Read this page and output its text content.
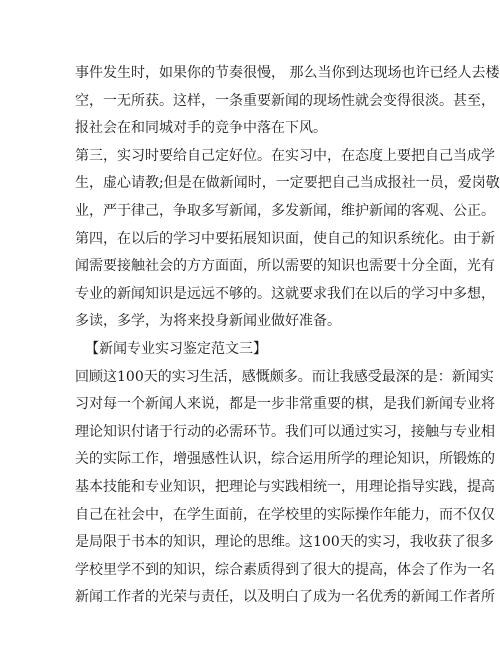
事件发生时，如果你的节奏很慢， 那么当你到达现场也许已经人去楼
空，一无所获。这样，一条重要新闻的现场性就会变得很淡。甚至，
报社会在和同城对手的竞争中落在下风。
第三，实习时要给自己定好位。在实习中，在态度上要把自己当成学
生，虚心请教;但是在做新闻时，一定要把自己当成报社一员，爱岗敬
业，严于律己，争取多写新闻，多发新闻，维护新闻的客观、公正。
第四，在以后的学习中要拓展知识面，使自己的知识系统化。由于新
闻需要接触社会的方方面面，所以需要的知识也需要十分全面，光有
专业的新闻知识是远远不够的。这就要求我们在以后的学习中多想，
多读，多学，为将来投身新闻业做好准备。
【新闻专业实习鉴定范文三】
回顾这100天的实习生活，感慨颇多。而让我感受最深的是：新闻实
习对每一个新闻人来说，都是一步非常重要的棋，是我们新闻专业将
理论知识付诸于行动的必需环节。我们可以通过实习，接触与专业相
关的实际工作，增强感性认识，综合运用所学的理论知识，所锻炼的
基本技能和专业知识，把理论与实践相统一，用理论指导实践，提高
自己在社会中，在学生面前，在学校里的实际操作年能力，而不仅仅
是局限于书本的知识，理论的思维。这100天的实习，我收获了很多
学校里学不到的知识，综合素质得到了很大的提高，体会了作为一名
新闻工作者的光荣与责任，以及明白了成为一名优秀的新闻工作者所
